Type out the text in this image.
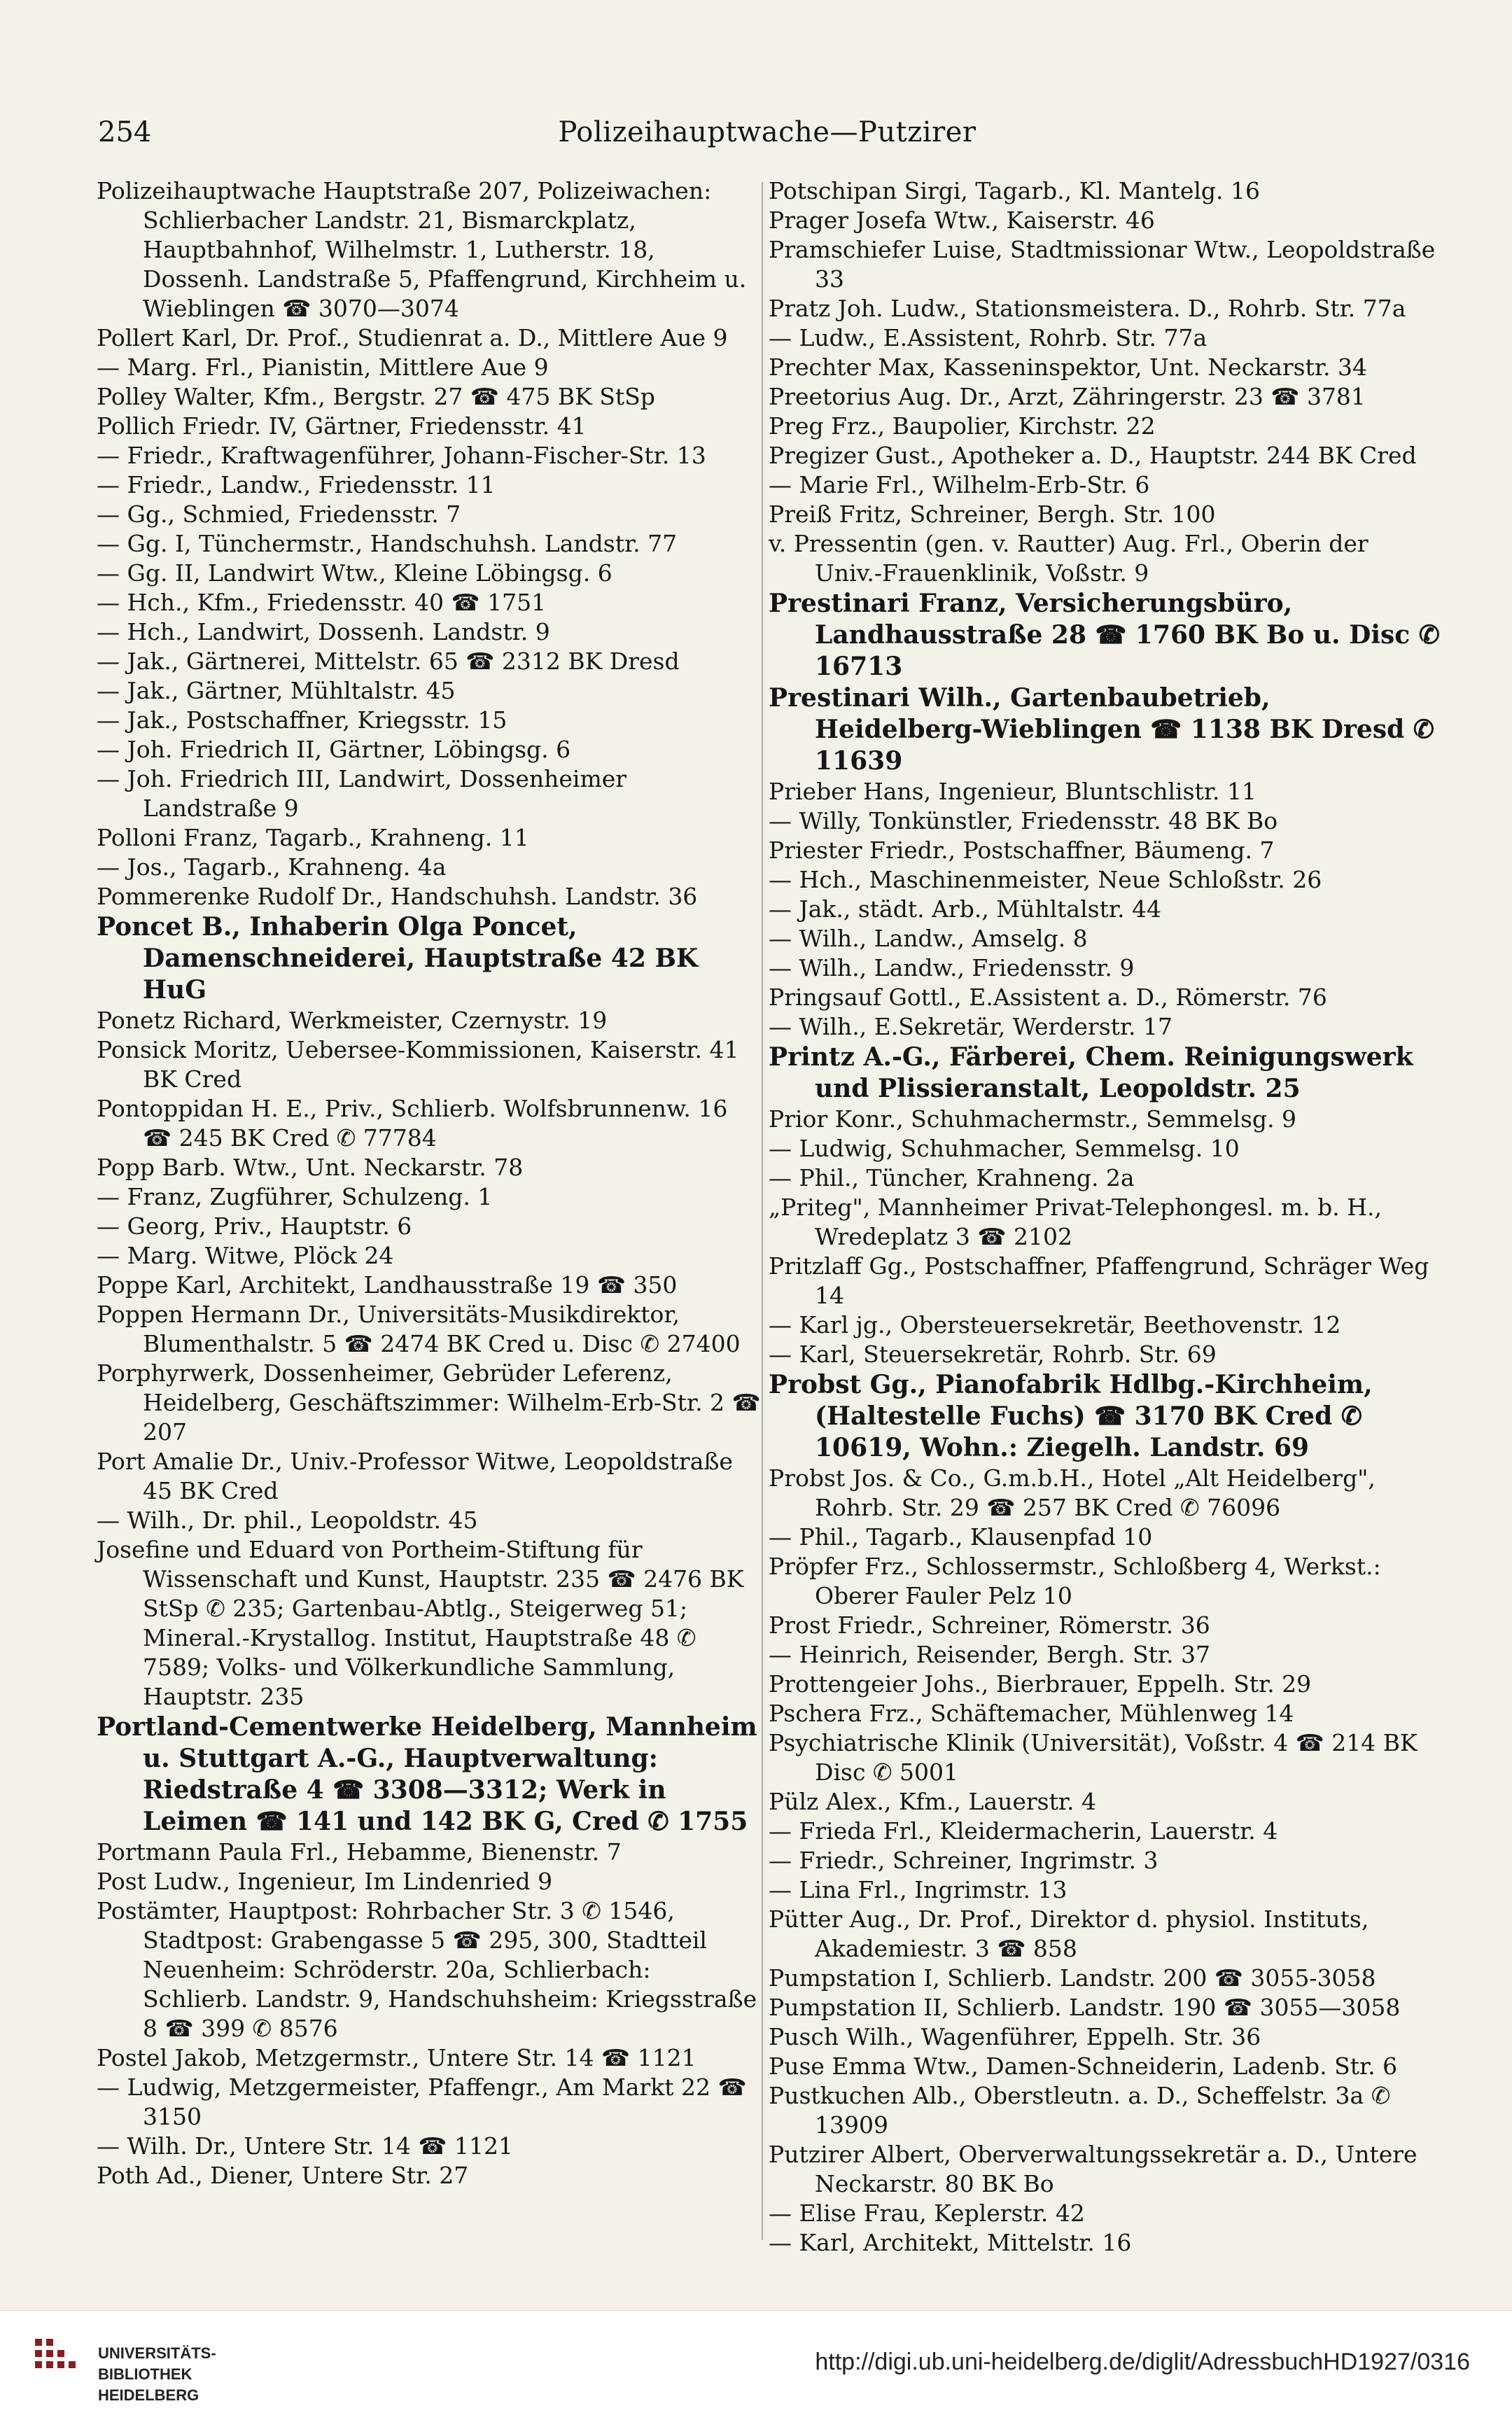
254	Polizeihauptwache—Putzirer

Polizeihauptwache Hauptstraße 207, Polizeiwachen: Schlierbacher Landstr. 21, Bismarckplatz, Hauptbahnhof, Wilhelmstr. 1, Lutherstr. 18, Dossenh. Landstraße 5, Pfaffengrund, Kirchheim u. Wieblingen ☎ 3070—3074

Pollert Karl, Dr. Prof., Studienrat a. D., Mittlere Aue 9

— Marg. Frl., Pianistin, Mittlere Aue 9

Polley Walter, Kfm., Bergstr. 27 ☎ 475 BK StSp

Pollich Friedr. IV, Gärtner, Friedensstr. 41

— Friedr., Kraftwagenführer, Johann-Fischer-Str. 13

— Friedr., Landw., Friedensstr. 11

— Gg., Schmied, Friedensstr. 7

— Gg. I, Tünchermstr., Handschuhsh. Landstr. 77

— Gg. II, Landwirt Wtw., Kleine Löbingsg. 6

— Hch., Kfm., Friedensstr. 40 ☎ 1751

— Hch., Landwirt, Dossenh. Landstr. 9

— Jak., Gärtnerei, Mittelstr. 65 ☎ 2312 BK Dresd

— Jak., Gärtner, Mühltalstr. 45

— Jak., Postschaffner, Kriegsstr. 15

— Joh. Friedrich II, Gärtner, Löbingsg. 6

— Joh. Friedrich III, Landwirt, Dossenheimer Landstraße 9

Polloni Franz, Tagarb., Krahneng. 11

— Jos., Tagarb., Krahneng. 4a

Pommerenke Rudolf Dr., Handschuhsh. Landstr. 36

Poncet B., Inhaberin Olga Poncet, Damenschneiderei, Hauptstraße 42 BK HuG

Ponetz Richard, Werkmeister, Czernystr. 19

Ponsick Moritz, Uebersee-Kommissionen, Kaiserstr. 41 BK Cred

Pontoppidan H. E., Priv., Schlierb. Wolfsbrunnenw. 16 ☎ 245 BK Cred ✆ 77784

Popp Barb. Wtw., Unt. Neckarstr. 78

— Franz, Zugführer, Schulzeng. 1

— Georg, Priv., Hauptstr. 6

— Marg. Witwe, Plöck 24

Poppe Karl, Architekt, Landhausstraße 19 ☎ 350

Poppen Hermann Dr., Universitäts-Musikdirektor, Blumenthalstr. 5 ☎ 2474 BK Cred u. Disc ✆ 27400

Porphyrwerk, Dossenheimer, Gebrüder Leferenz, Heidelberg, Geschäftszimmer: Wilhelm-Erb-Str. 2 ☎ 207

Port Amalie Dr., Univ.-Professor Witwe, Leopoldstraße 45 BK Cred

— Wilh., Dr. phil., Leopoldstr. 45

Josefine und Eduard von Portheim-Stiftung für Wissenschaft und Kunst, Hauptstr. 235 ☎ 2476 BK StSp ✆ 235; Gartenbau-Abtlg., Steigerweg 51; Mineral.-Krystallog. Institut, Hauptstraße 48 ✆ 7589; Volks- und Völkerkundliche Sammlung, Hauptstr. 235

Portland-Cementwerke Heidelberg, Mannheim u. Stuttgart A.-G., Hauptverwaltung: Riedstraße 4 ☎ 3308—3312; Werk in Leimen ☎ 141 und 142 BK G, Cred ✆ 1755

Portmann Paula Frl., Hebamme, Bienenstr. 7

Post Ludw., Ingenieur, Im Lindenried 9

Postämter, Hauptpost: Rohrbacher Str. 3 ✆ 1546, Stadtpost: Grabengasse 5 ☎ 295, 300, Stadtteil Neuenheim: Schröderstr. 20a, Schlierbach: Schlierb. Landstr. 9, Handschuhsheim: Kriegsstraße 8 ☎ 399 ✆ 8576

Postel Jakob, Metzgermstr., Untere Str. 14 ☎ 1121

— Ludwig, Metzgermeister, Pfaffengr., Am Markt 22 ☎ 3150

— Wilh. Dr., Untere Str. 14 ☎ 1121

Poth Ad., Diener, Untere Str. 27

Potschipan Sirgi, Tagarb., Kl. Mantelg. 16

Prager Josefa Wtw., Kaiserstr. 46

Pramschiefer Luise, Stadtmissionar Wtw., Leopoldstraße 33

Pratz Joh. Ludw., Stationsmeistera. D., Rohrb. Str. 77a

— Ludw., E.Assistent, Rohrb. Str. 77a

Prechter Max, Kasseninspektor, Unt. Neckarstr. 34

Preetorius Aug. Dr., Arzt, Zähringerstr. 23 ☎ 3781

Preg Frz., Baupolier, Kirchstr. 22

Pregizer Gust., Apotheker a. D., Hauptstr. 244 BK Cred

— Marie Frl., Wilhelm-Erb-Str. 6

Preiß Fritz, Schreiner, Bergh. Str. 100

v. Pressentin (gen. v. Rautter) Aug. Frl., Oberin der Univ.-Frauenklinik, Voßstr. 9

Prestinari Franz, Versicherungsbüro, Landhausstraße 28 ☎ 1760 BK Bo u. Disc ✆ 16713

Prestinari Wilh., Gartenbaubetrieb, Heidelberg-Wieblingen ☎ 1138 BK Dresd ✆ 11639

Prieber Hans, Ingenieur, Bluntschlistr. 11

— Willy, Tonkünstler, Friedensstr. 48 BK Bo

Priester Friedr., Postschaffner, Bäumeng. 7

— Hch., Maschinenmeister, Neue Schloßstr. 26

— Jak., städt. Arb., Mühltalstr. 44

— Wilh., Landw., Amselg. 8

— Wilh., Landw., Friedensstr. 9

Pringsauf Gottl., E.Assistent a. D., Römerstr. 76

— Wilh., E.Sekretär, Werderstr. 17

Printz A.-G., Färberei, Chem. Reinigungswerk und Plissieranstalt, Leopoldstr. 25

Prior Konr., Schuhmachermstr., Semmelsg. 9

— Ludwig, Schuhmacher, Semmelsg. 10

— Phil., Tüncher, Krahneng. 2a

„Priteg", Mannheimer Privat-Telephongesl. m. b. H., Wredeplatz 3 ☎ 2102

Pritzlaff Gg., Postschaffner, Pfaffengrund, Schräger Weg 14

— Karl jg., Obersteuersekretär, Beethovenstr. 12

— Karl, Steuersekretär, Rohrb. Str. 69

Probst Gg., Pianofabrik Hdlbg.-Kirchheim, (Haltestelle Fuchs) ☎ 3170 BK Cred ✆ 10619, Wohn.: Ziegelh. Landstr. 69

Probst Jos. & Co., G.m.b.H., Hotel „Alt Heidelberg", Rohrb. Str. 29 ☎ 257 BK Cred ✆ 76096

— Phil., Tagarb., Klausenpfad 10

Pröpfer Frz., Schlossermstr., Schloßberg 4, Werkst.: Oberer Fauler Pelz 10

Prost Friedr., Schreiner, Römerstr. 36

— Heinrich, Reisender, Bergh. Str. 37

Prottengeier Johs., Bierbrauer, Eppelh. Str. 29

Pschera Frz., Schäftemacher, Mühlenweg 14

Psychiatrische Klinik (Universität), Voßstr. 4 ☎ 214 BK Disc ✆ 5001

Pülz Alex., Kfm., Lauerstr. 4

— Frieda Frl., Kleidermacherin, Lauerstr. 4

— Friedr., Schreiner, Ingrimstr. 3

— Lina Frl., Ingrimstr. 13

Pütter Aug., Dr. Prof., Direktor d. physiol. Instituts, Akademiestr. 3 ☎ 858

Pumpstation I, Schlierb. Landstr. 200 ☎ 3055-3058

Pumpstation II, Schlierb. Landstr. 190 ☎ 3055—3058

Pusch Wilh., Wagenführer, Eppelh. Str. 36

Puse Emma Wtw., Damen-Schneiderin, Ladenb. Str. 6

Pustkuchen Alb., Oberstleutn. a. D., Scheffelstr. 3a ✆ 13909

Putzirer Albert, Oberverwaltungssekretär a. D., Untere Neckarstr. 80 BK Bo

— Elise Frau, Keplerstr. 42

— Karl, Architekt, Mittelstr. 16

UNIVERSITÄTS-
BIBLIOTHEK
HEIDELBERG
http://digi.ub.uni-heidelberg.de/diglit/AdressbuchHD1927/0316
